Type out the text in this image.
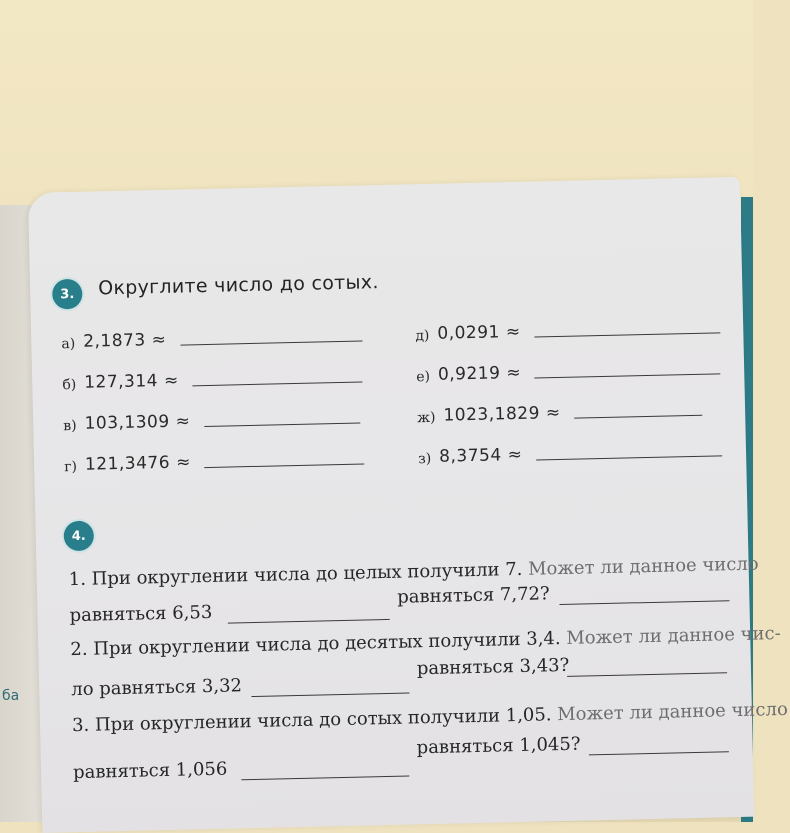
3.	Округлите число до сотых.
а) 2,1873 ≈
б) 127,314 ≈
в) 103,1309 ≈
г) 121,3476 ≈
д) 0,0291 ≈
е) 0,9219 ≈
ж) 1023,1829 ≈
з) 8,3754 ≈
4.
1. При округлении числа до целых получили 7. Может ли данное число
равняться 6,53
равняться 7,72?
2. При округлении числа до десятых получили 3,4. Может ли данное чис-
ло равняться 3,32
равняться 3,43?
3. При округлении числа до сотых получили 1,05. Может ли данное число
равняться 1,056
равняться 1,045?
ба
